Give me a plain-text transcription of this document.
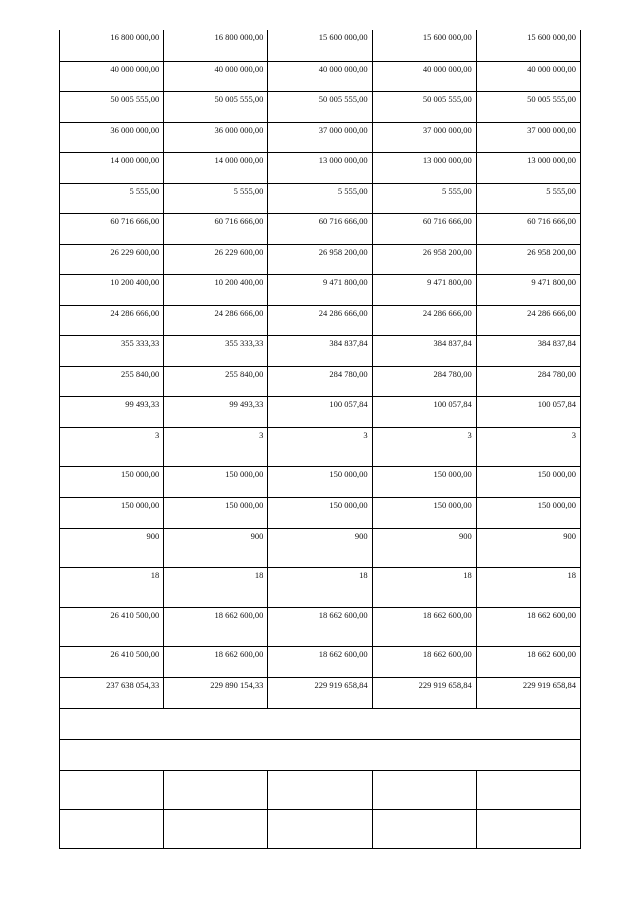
16 800 000,00	16 800 000,00	15 600 000,00	15 600 000,00	15 600 000,00
40 000 000,00	40 000 000,00	40 000 000,00	40 000 000,00	40 000 000,00
50 005 555,00	50 005 555,00	50 005 555,00	50 005 555,00	50 005 555,00
36 000 000,00	36 000 000,00	37 000 000,00	37 000 000,00	37 000 000,00
14 000 000,00	14 000 000,00	13 000 000,00	13 000 000,00	13 000 000,00
5 555,00	5 555,00	5 555,00	5 555,00	5 555,00
60 716 666,00	60 716 666,00	60 716 666,00	60 716 666,00	60 716 666,00
26 229 600,00	26 229 600,00	26 958 200,00	26 958 200,00	26 958 200,00
10 200 400,00	10 200 400,00	9 471 800,00	9 471 800,00	9 471 800,00
24 286 666,00	24 286 666,00	24 286 666,00	24 286 666,00	24 286 666,00
355 333,33	355 333,33	384 837,84	384 837,84	384 837,84
255 840,00	255 840,00	284 780,00	284 780,00	284 780,00
99 493,33	99 493,33	100 057,84	100 057,84	100 057,84
3	3	3	3	3
150 000,00	150 000,00	150 000,00	150 000,00	150 000,00
150 000,00	150 000,00	150 000,00	150 000,00	150 000,00
900	900	900	900	900
18	18	18	18	18
26 410 500,00	18 662 600,00	18 662 600,00	18 662 600,00	18 662 600,00
26 410 500,00	18 662 600,00	18 662 600,00	18 662 600,00	18 662 600,00
237 638 054,33	229 890 154,33	229 919 658,84	229 919 658,84	229 919 658,84
